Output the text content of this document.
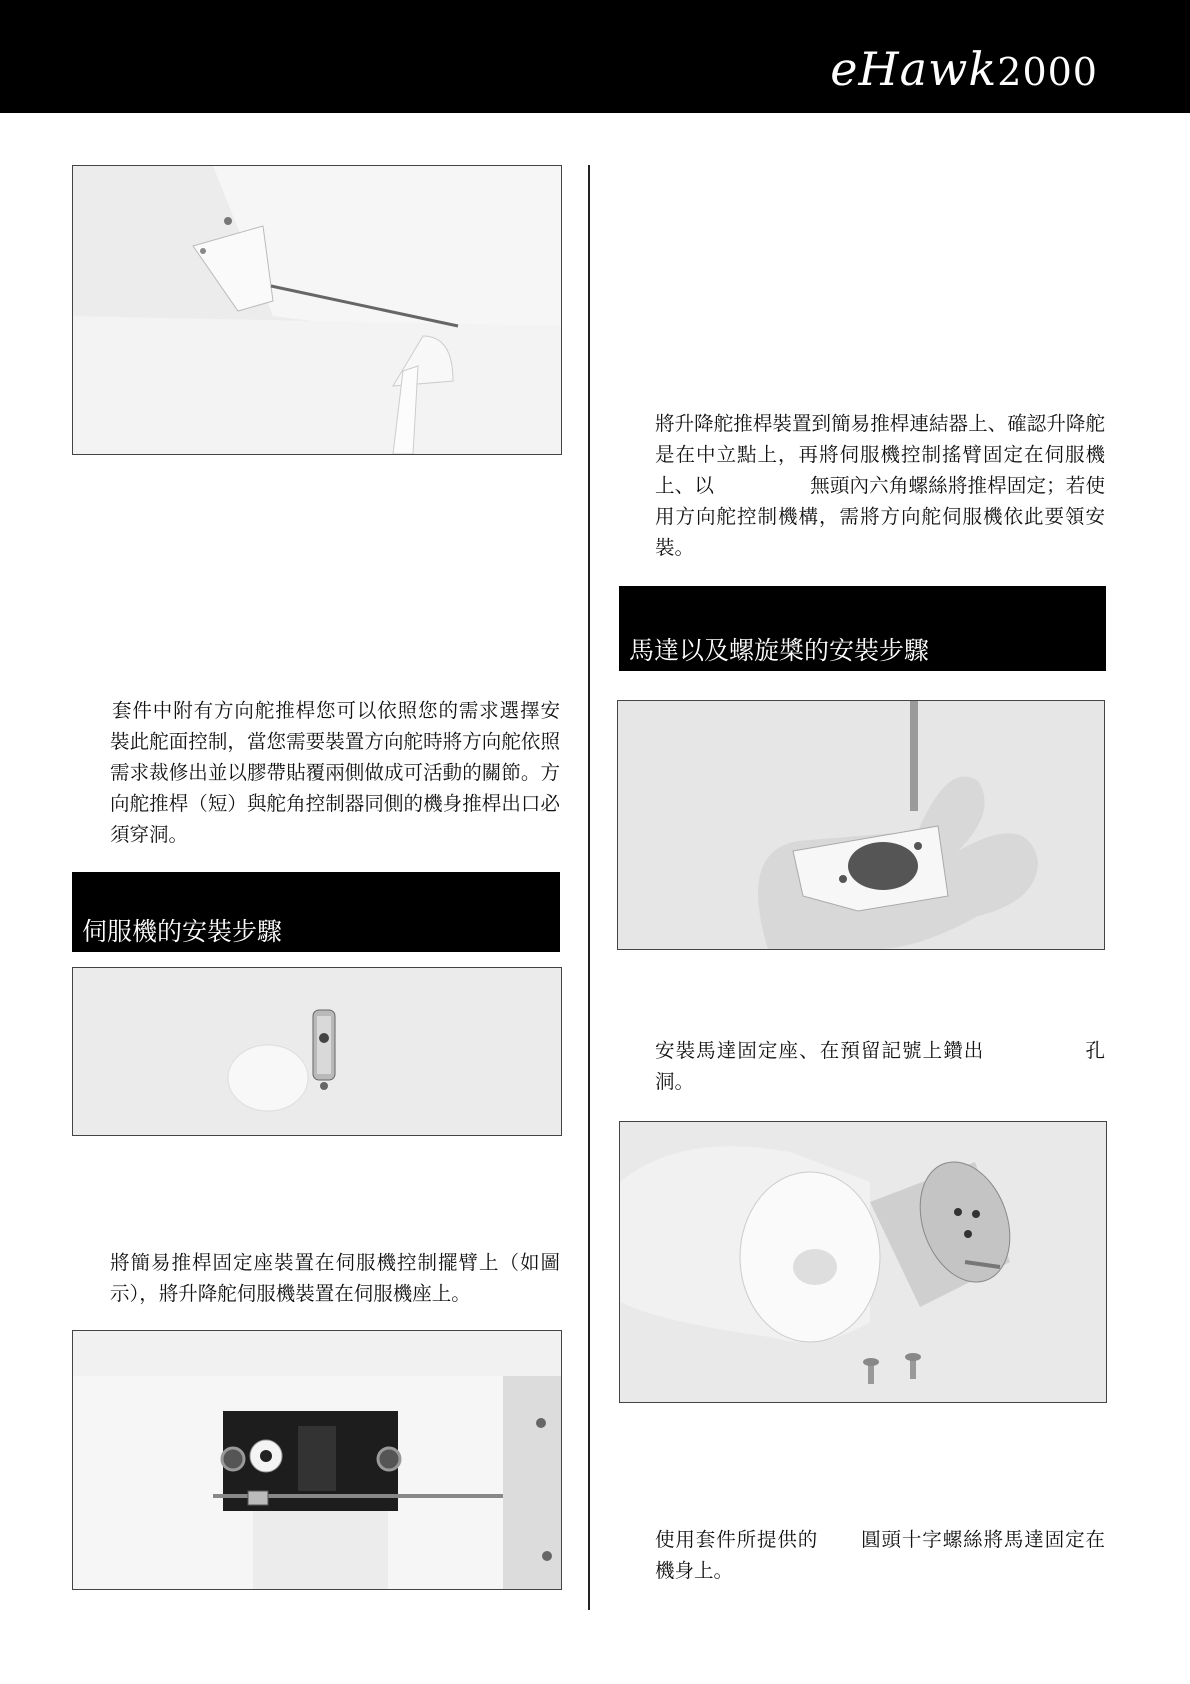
eHawk2000

套件中附有方向舵推桿您可以依照您的需求選擇安裝此舵面控制，當您需要裝置方向舵時將方向舵依照需求裁修出並以膠帶貼覆兩側做成可活動的關節。方向舵推桿（短）與舵角控制器同側的機身推桿出口必須穿洞。

伺服機的安裝步驟

將簡易推桿固定座裝置在伺服機控制擺臂上（如圖示），將升降舵伺服機裝置在伺服機座上。

將升降舵推桿裝置到簡易推桿連結器上、確認升降舵是在中立點上，再將伺服機控制搖臂固定在伺服機上、以	無頭內六角螺絲將推桿固定；若使用方向舵控制機構，需將方向舵伺服機依此要領安裝。

馬達以及螺旋槳的安裝步驟

安裝馬達固定座、在預留記號上鑽出	孔洞。

使用套件所提供的 圓頭十字螺絲將馬達固定在機身上。
